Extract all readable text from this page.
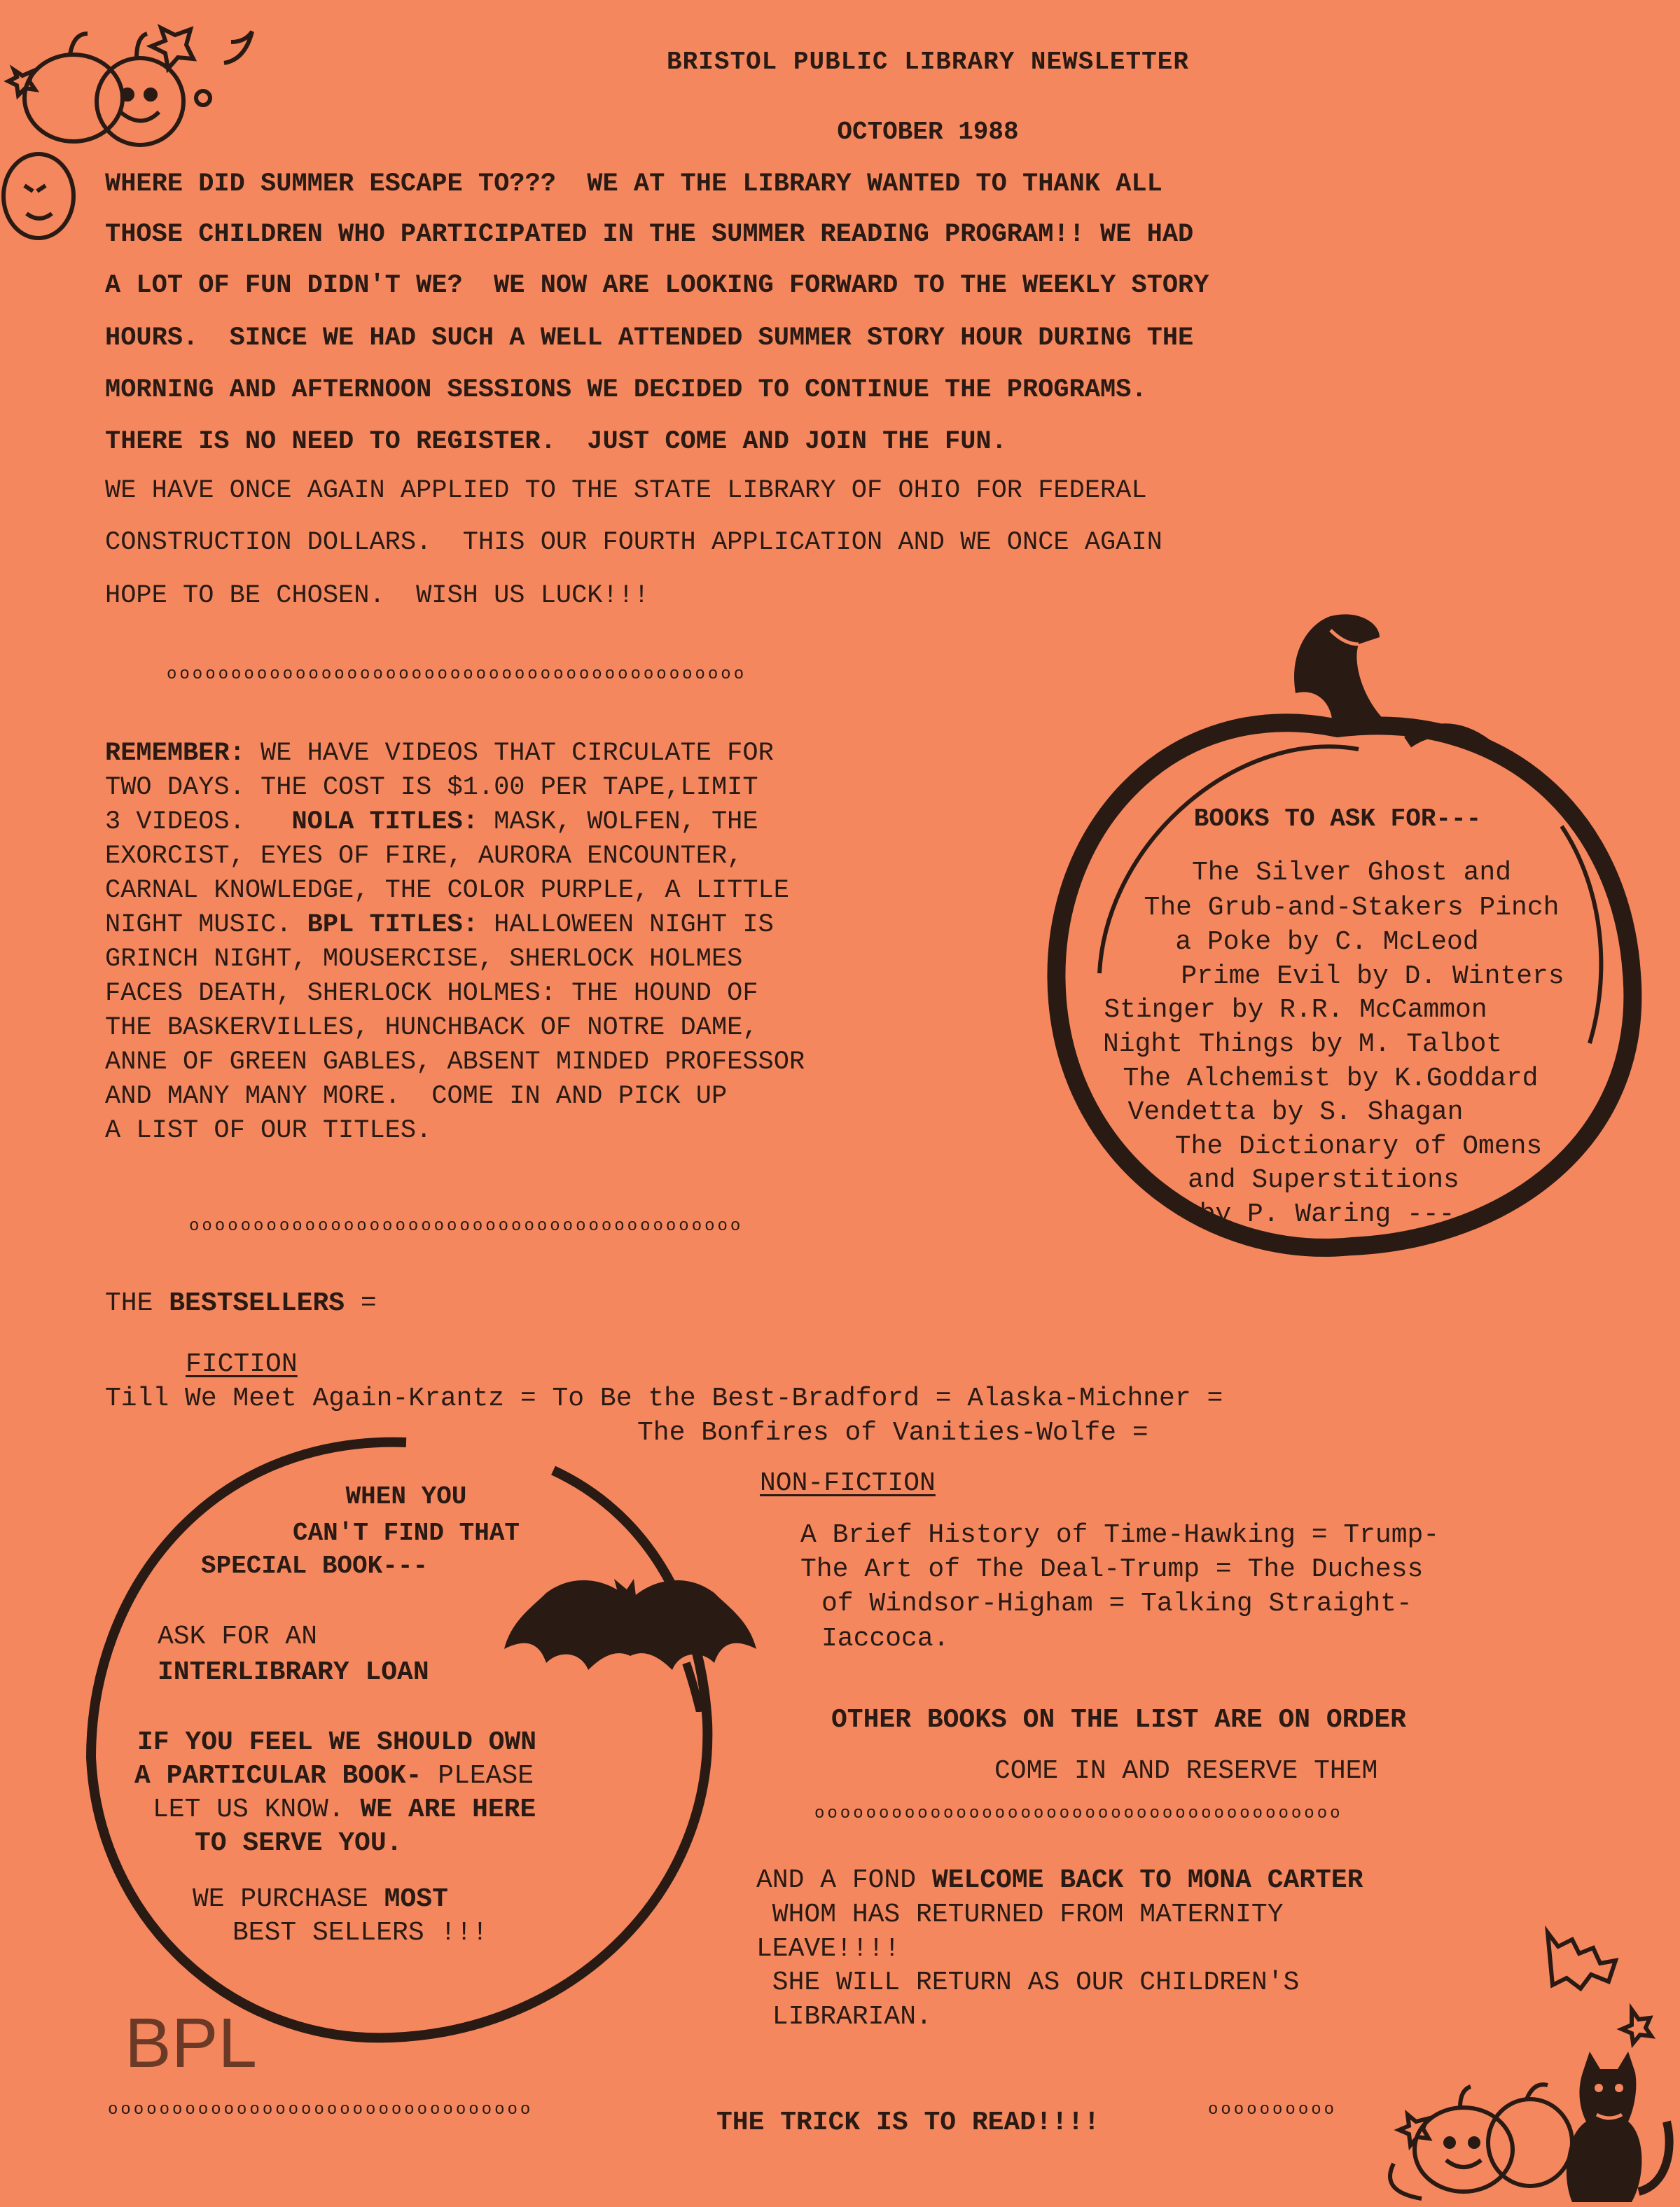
BRISTOL PUBLIC LIBRARY NEWSLETTER
OCTOBER 1988
WHERE DID SUMMER ESCAPE TO???  WE AT THE LIBRARY WANTED TO THANK ALL
THOSE CHILDREN WHO PARTICIPATED IN THE SUMMER READING PROGRAM!! WE HAD
A LOT OF FUN DIDN'T WE?  WE NOW ARE LOOKING FORWARD TO THE WEEKLY STORY
HOURS.  SINCE WE HAD SUCH A WELL ATTENDED SUMMER STORY HOUR DURING THE
MORNING AND AFTERNOON SESSIONS WE DECIDED TO CONTINUE THE PROGRAMS.
THERE IS NO NEED TO REGISTER.  JUST COME AND JOIN THE FUN.
WE HAVE ONCE AGAIN APPLIED TO THE STATE LIBRARY OF OHIO FOR FEDERAL
CONSTRUCTION DOLLARS.  THIS OUR FOURTH APPLICATION AND WE ONCE AGAIN
HOPE TO BE CHOSEN.  WISH US LUCK!!!
ooooooooooooooooooooooooooooooooooooooooooooo
REMEMBER: WE HAVE VIDEOS THAT CIRCULATE FOR
TWO DAYS. THE COST IS $1.00 PER TAPE,LIMIT
3 VIDEOS.   NOLA TITLES: MASK, WOLFEN, THE
EXORCIST, EYES OF FIRE, AURORA ENCOUNTER,
CARNAL KNOWLEDGE, THE COLOR PURPLE, A LITTLE
NIGHT MUSIC. BPL TITLES: HALLOWEEN NIGHT IS
GRINCH NIGHT, MOUSERCISE, SHERLOCK HOLMES
FACES DEATH, SHERLOCK HOLMES: THE HOUND OF
THE BASKERVILLES, HUNCHBACK OF NOTRE DAME,
ANNE OF GREEN GABLES, ABSENT MINDED PROFESSOR
AND MANY MANY MORE.  COME IN AND PICK UP
A LIST OF OUR TITLES.
BOOKS TO ASK FOR---
The Silver Ghost and
The Grub-and-Stakers Pinch
a Poke by C. McLeod
Prime Evil by D. Winters
Stinger by R.R. McCammon
Night Things by M. Talbot
The Alchemist by K.Goddard
Vendetta by S. Shagan
The Dictionary of Omens
and Superstitions
by P. Waring ---
ooooooooooooooooooooooooooooooooooooooooooo
THE BESTSELLERS =
FICTION
Till We Meet Again-Krantz = To Be the Best-Bradford = Alaska-Michner =
The Bonfires of Vanities-Wolfe =
NON-FICTION
A Brief History of Time-Hawking = Trump-
The Art of The Deal-Trump = The Duchess
of Windsor-Higham = Talking Straight-
Iaccoca.
WHEN YOU
CAN'T FIND THAT
SPECIAL BOOK---
ASK FOR AN
INTERLIBRARY LOAN
IF YOU FEEL WE SHOULD OWN
A PARTICULAR BOOK- PLEASE
LET US KNOW. WE ARE HERE
TO SERVE YOU.
WE PURCHASE MOST
BEST SELLERS !!!
OTHER BOOKS ON THE LIST ARE ON ORDER
COME IN AND RESERVE THEM
ooooooooooooooooooooooooooooooooooooooooo
AND A FOND WELCOME BACK TO MONA CARTER
WHOM HAS RETURNED FROM MATERNITY
LEAVE!!!!
SHE WILL RETURN AS OUR CHILDREN'S
LIBRARIAN.
BPL
ooooooooooooooooooooooooooooooooo	THE TRICK IS TO READ!!!!	oooooooooo
